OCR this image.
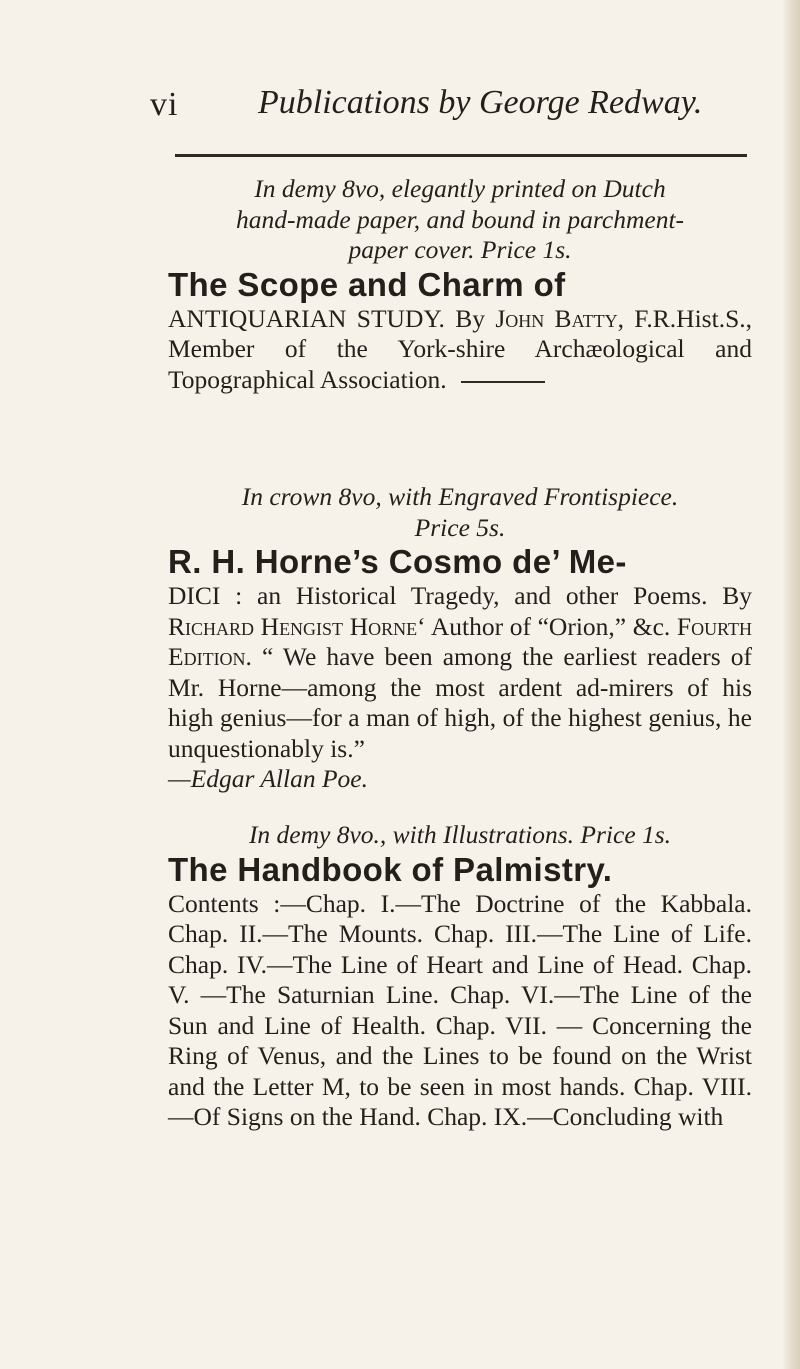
vi Publications by George Redway.
In demy 8vo, elegantly printed on Dutch
hand-made paper, and bound in parchment-
paper cover. Price 1s.
The Scope and Charm of

ANTIQUARIAN STUDY. By John Batty, F.R.Hist.S., Member of the York-shire Archæological and Topographical Association.

In crown 8vo, with Engraved Frontispiece.
Price 5s.
R. H. Horne’s Cosmo de’ Me-

DICI : an Historical Tragedy, and other Poems. By Richard Hengist Horne‘ Author of “Orion,” &c. Fourth Edition. “ We have been among the earliest readers of Mr. Horne—among the most ardent ad-mirers of his high genius—for a man of high, of the highest genius, he unquestionably is.”

—Edgar Allan Poe.
In demy 8vo., with Illustrations. Price 1s.
The Handbook of Palmistry.

Contents :—Chap. I.—The Doctrine of the Kabbala. Chap. II.—The Mounts. Chap. III.—The Line of Life. Chap. IV.—The Line of Heart and Line of Head. Chap. V. —The Saturnian Line. Chap. VI.—The Line of the Sun and Line of Health. Chap. VII. — Concerning the Ring of Venus, and the Lines to be found on the Wrist and the Letter M, to be seen in most hands. Chap. VIII.—Of Signs on the Hand. Chap. IX.—Concluding with
